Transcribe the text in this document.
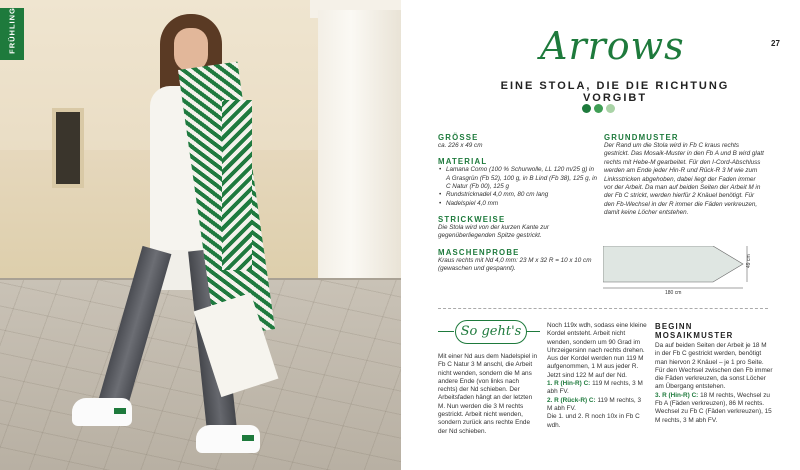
FRÜHLING	27
Arrows
EINE STOLA, DIE DIE RICHTUNG VORGIBT

GRÖSSE

ca. 226 x 49 cm

MATERIAL

• Lamana Como (100 % Schurwolle, LL 120 m/25 g) in A Grasgrün (Fb 52), 100 g, in B Lind (Fb 38), 125 g, in C Natur (Fb 00), 125 g
• Rundstricknadel 4,0 mm, 80 cm lang
• Nadelspiel 4,0 mm

STRICKWEISE

Die Stola wird von der kurzen Kante zur gegenüberliegenden Spitze gestrickt.

MASCHENPROBE

Kraus rechts mit Nd 4,0 mm: 23 M x 32 R = 10 x 10 cm (gewaschen und gespannt).

GRUNDMUSTER

Der Rand um die Stola wird in Fb C kraus rechts gestrickt. Das Mosaik-Muster in den Fb A und B wird glatt rechts mit Hebe-M gearbeitet. Für den I-Cord-Abschluss werden am Ende jeder Hin-R und Rück-R 3 M wie zum Linksstricken abgehoben, dabei liegt der Faden immer vor der Arbeit. Da man auf beiden Seiten der Arbeit M in der Fb C strickt, werden hierfür 2 Knäuel benötigt. Für den Fb-Wechsel in der R immer die Fäden verkreuzen, damit keine Löcher entstehen.

180 cm
49 cm
So geht's

Mit einer Nd aus dem Nadelspiel in Fb C Natur 3 M anschl, die Arbeit nicht wenden, sondern die M ans andere Ende (von links nach rechts) der Nd schieben. Der Arbeitsfaden hängt an der letzten M. Nun werden die 3 M rechts gestrickt. Arbeit nicht wenden, sondern zurück ans rechte Ende der Nd schieben.

Noch 119x wdh, sodass eine kleine Kordel entsteht. Arbeit nicht wenden, sondern um 90 Grad im Uhrzeigersinn nach rechts drehen. Aus der Kordel werden nun 119 M aufgenommen, 1 M aus jeder R. Jetzt sind 122 M auf der Nd.

1. R (Hin-R) C: 119 M rechts, 3 M abh FV.

2. R (Rück-R) C: 119 M rechts, 3 M abh FV.

Die 1. und 2. R noch 10x in Fb C wdh.

BEGINN

MOSAIKMUSTER

Da auf beiden Seiten der Arbeit je 18 M in der Fb C gestrickt werden, benötigt man hiervon 2 Knäuel – je 1 pro Seite. Für den Wechsel zwischen den Fb immer die Fäden verkreuzen, da sonst Löcher am Übergang entstehen.

3. R (Hin-R) C: 18 M rechts, Wechsel zu Fb A (Fäden verkreuzen), 86 M rechts. Wechsel zu Fb C (Fäden verkreuzen), 15 M rechts, 3 M abh FV.
